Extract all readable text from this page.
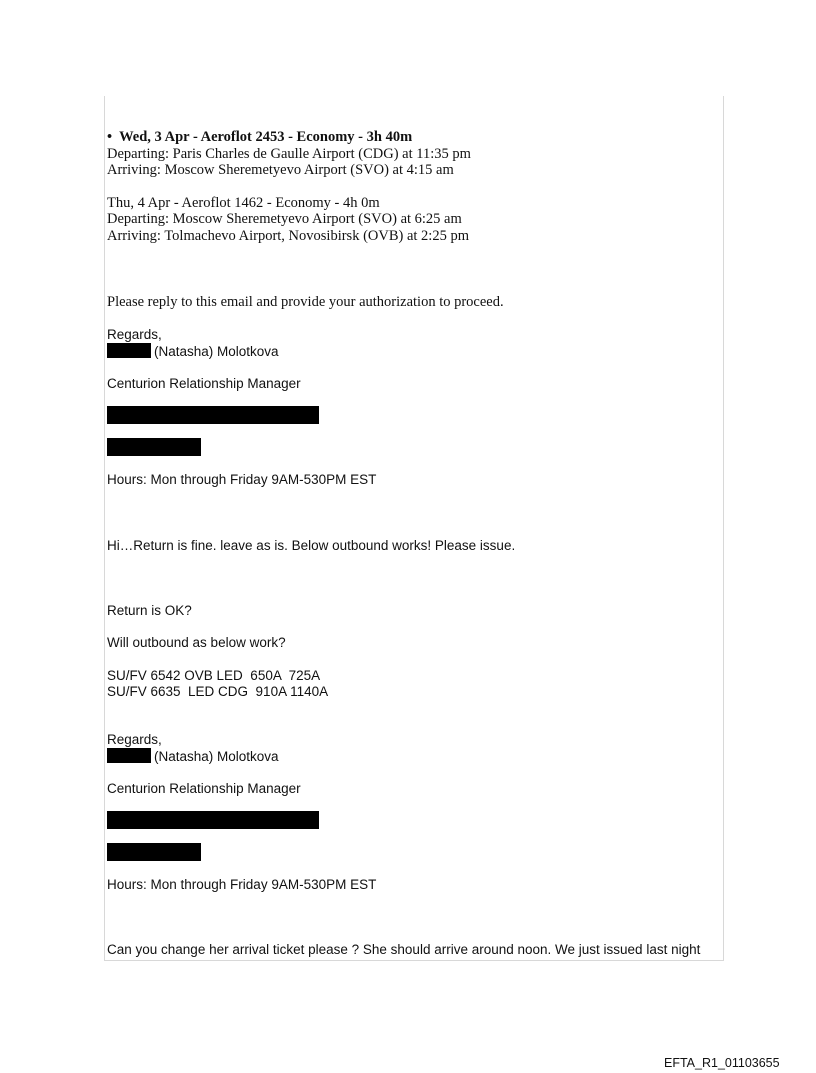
• Wed, 3 Apr - Aeroflot 2453 - Economy - 3h 40m
Departing: Paris Charles de Gaulle Airport (CDG) at 11:35 pm
Arriving: Moscow Sheremetyevo Airport (SVO) at 4:15 am
Thu, 4 Apr - Aeroflot 1462 - Economy - 4h 0m
Departing: Moscow Sheremetyevo Airport (SVO) at 6:25 am
Arriving: Tolmachevo Airport, Novosibirsk (OVB) at 2:25 pm
Please reply to this email and provide your authorization to proceed.
Regards,
(Natasha) Molotkova
Centurion Relationship Manager
Hours: Mon through Friday 9AM-530PM EST
Hi…Return is fine. leave as is. Below outbound works! Please issue.
Return is OK?
Will outbound as below work?
SU/FV 6542 OVB LED  650A  725A
SU/FV 6635  LED CDG  910A 1140A
Regards,
(Natasha) Molotkova
Centurion Relationship Manager
Hours: Mon through Friday 9AM-530PM EST
Can you change her arrival ticket please ? She should arrive around noon. We just issued last night
EFTA_R1_01103655
